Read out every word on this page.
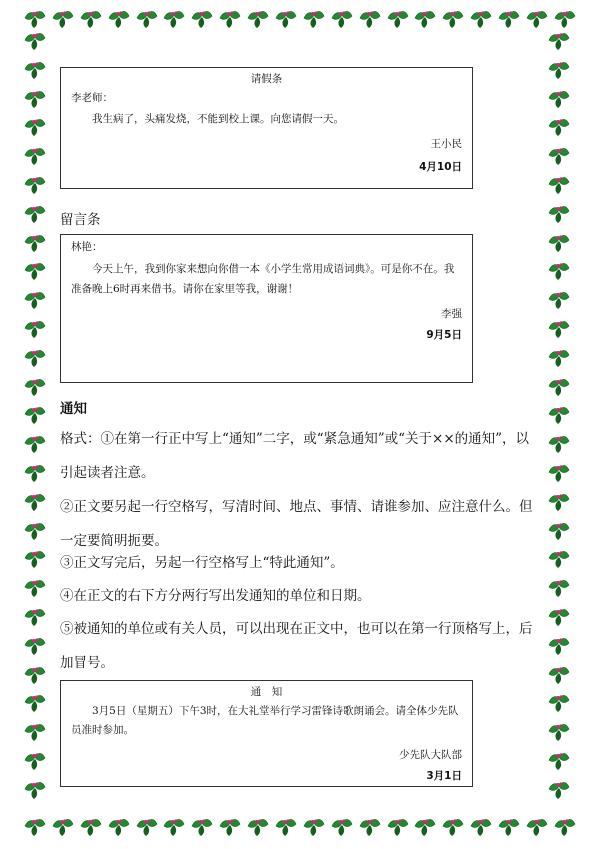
请假条
李老师：
我生病了，头痛发烧，不能到校上课。向您请假一天。
王小民
4月10日
留言条
林艳：
今天上午，我到你家来想向你借一本《小学生常用成语词典》。可是你不在。我准备晚上6时再来借书。请你在家里等我，谢谢！
李强
9月5日
通知
格式：①在第一行正中写上“通知”二字，或“紧急通知”或“关于××的通知”，以引起读者注意。
②正文要另起一行空格写，写清时间、地点、事情、请谁参加、应注意什么。但一定要简明扼要。
③正文写完后，另起一行空格写上“特此通知”。
④在正文的右下方分两行写出发通知的单位和日期。
⑤被通知的单位或有关人员，可以出现在正文中，也可以在第一行顶格写上，后加冒号。
通　知
3月5日（星期五）下午3时，在大礼堂举行学习雷锋诗歌朗诵会。请全体少先队员准时参加。
少先队大队部
3月1日
